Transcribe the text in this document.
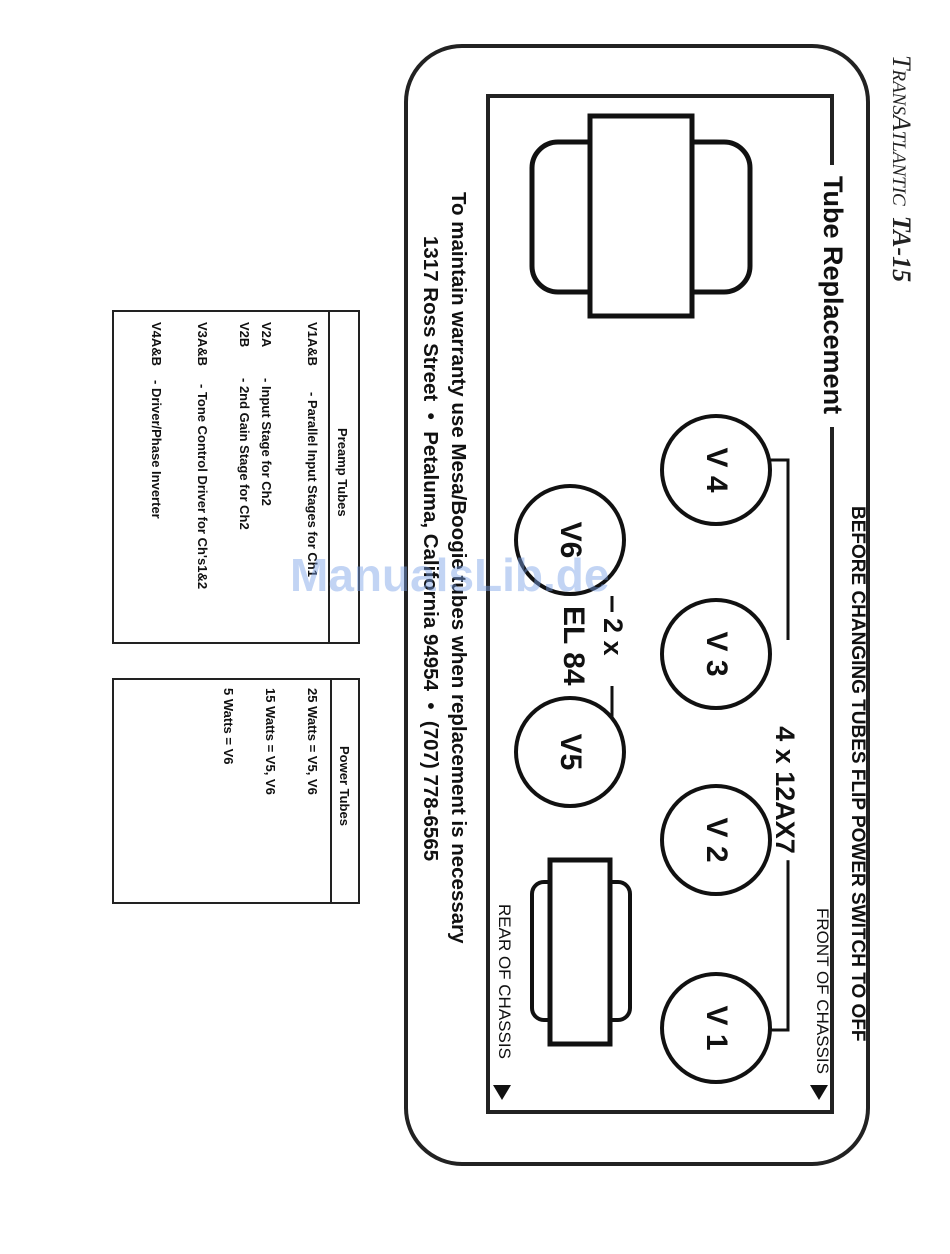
TRANSATLANTICTA-15
Tube Replacement
BEFORE CHANGING TUBES FLIP POWER SWITCH TO OFF
4 x 12AX7
V 4
V 3
V 2
V 1
V6
V5
2 x
EL 84
FRONT OF CHASSIS
REAR OF CHASSIS
To maintain warranty use Mesa/Boogie tubes when replacement is necessary
1317 Ross Street  •  Petaluma, California 94954  •  (707) 778-6565
Preamp Tubes
V1A&B
- Parallel Input Stages for Ch1
V2A
- Input Stage for Ch2
V2B
- 2nd Gain Stage for Ch2
V3A&B
- Tone Control Driver for Ch's1&2
V4A&B
- Driver/Phase Inverter
Power Tubes
25 Watts = V5, V6
15 Watts = V5, V6
5 Watts = V6
ManualsLib.de
